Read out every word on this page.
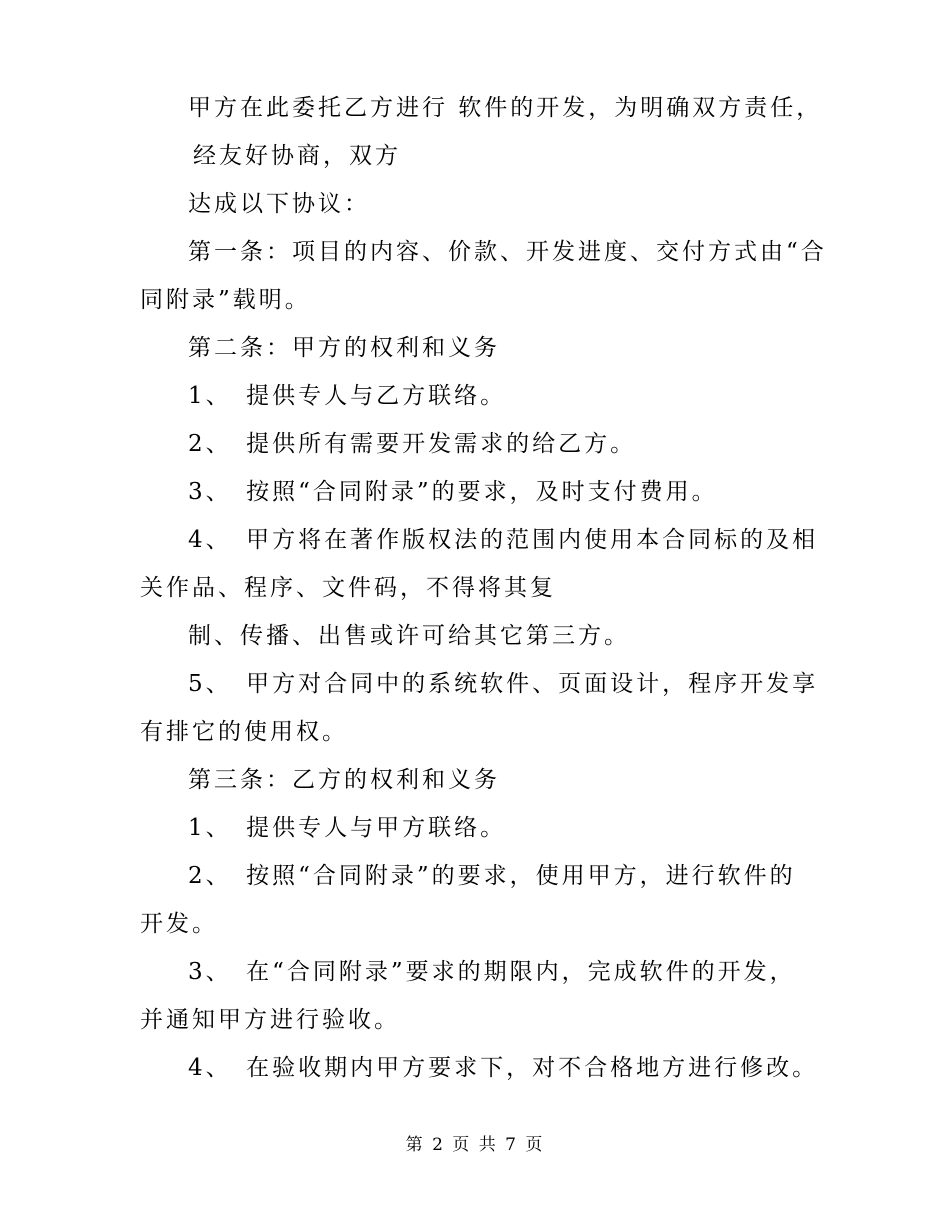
甲方在此委托乙方进行 软件的开发，为明确双方责任，
经友好协商，双方
达成以下协议：
第一条：项目的内容、价款、开发进度、交付方式由“合
同附录”载明。
第二条：甲方的权利和义务
1、　提供专人与乙方联络。
2、　提供所有需要开发需求的给乙方。
3、　按照“合同附录”的要求，及时支付费用。
4、　甲方将在著作版权法的范围内使用本合同标的及相
关作品、程序、文件码，不得将其复
制、传播、出售或许可给其它第三方。
5、　甲方对合同中的系统软件、页面设计，程序开发享
有排它的使用权。
第三条：乙方的权利和义务
1、　提供专人与甲方联络。
2、　按照“合同附录”的要求，使用甲方，进行软件的
开发。
3、　在“合同附录”要求的期限内，完成软件的开发，
并通知甲方进行验收。
4、　在验收期内甲方要求下，对不合格地方进行修改。
第 2 页 共 7 页
